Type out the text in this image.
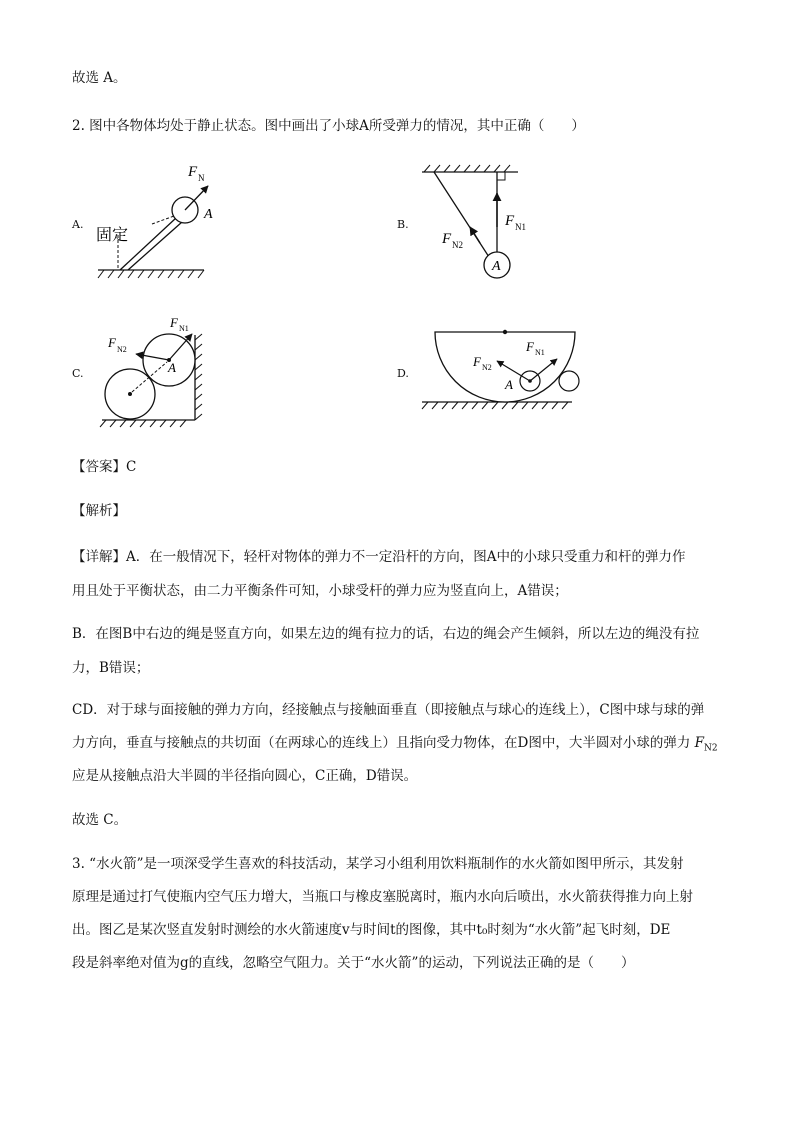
故选 A。
2. 图中各物体均处于静止状态。图中画出了小球A所受弹力的情况，其中正确（　　）
A.	B.
C.	D.
F N
A
固定
F N1
F N2
A
F N1
F N2
A
F N1
F N2
A
【答案】C
【解析】
【详解】A．在一般情况下，轻杆对物体的弹力不一定沿杆的方向，图A中的小球只受重力和杆的弹力作
用且处于平衡状态，由二力平衡条件可知，小球受杆的弹力应为竖直向上，A错误；
B．在图B中右边的绳是竖直方向，如果左边的绳有拉力的话，右边的绳会产生倾斜，所以左边的绳没有拉
力，B错误；
CD．对于球与面接触的弹力方向，经接触点与接触面垂直（即接触点与球心的连线上），C图中球与球的弹
力方向，垂直与接触点的共切面（在两球心的连线上）且指向受力物体，在D图中，大半圆对小球的弹力 $F_{N2}$
应是从接触点沿大半圆的半径指向圆心，C正确，D错误。
故选 C。
3. “水火箭”是一项深受学生喜欢的科技活动，某学习小组利用饮料瓶制作的水火箭如图甲所示，其发射
原理是通过打气使瓶内空气压力增大，当瓶口与橡皮塞脱离时，瓶内水向后喷出，水火箭获得推力向上射
出。图乙是某次竖直发射时测绘的水火箭速度v与时间t的图像，其中t₀时刻为“水火箭”起飞时刻，DE
段是斜率绝对值为g的直线，忽略空气阻力。关于“水火箭”的运动，下列说法正确的是（　　）
